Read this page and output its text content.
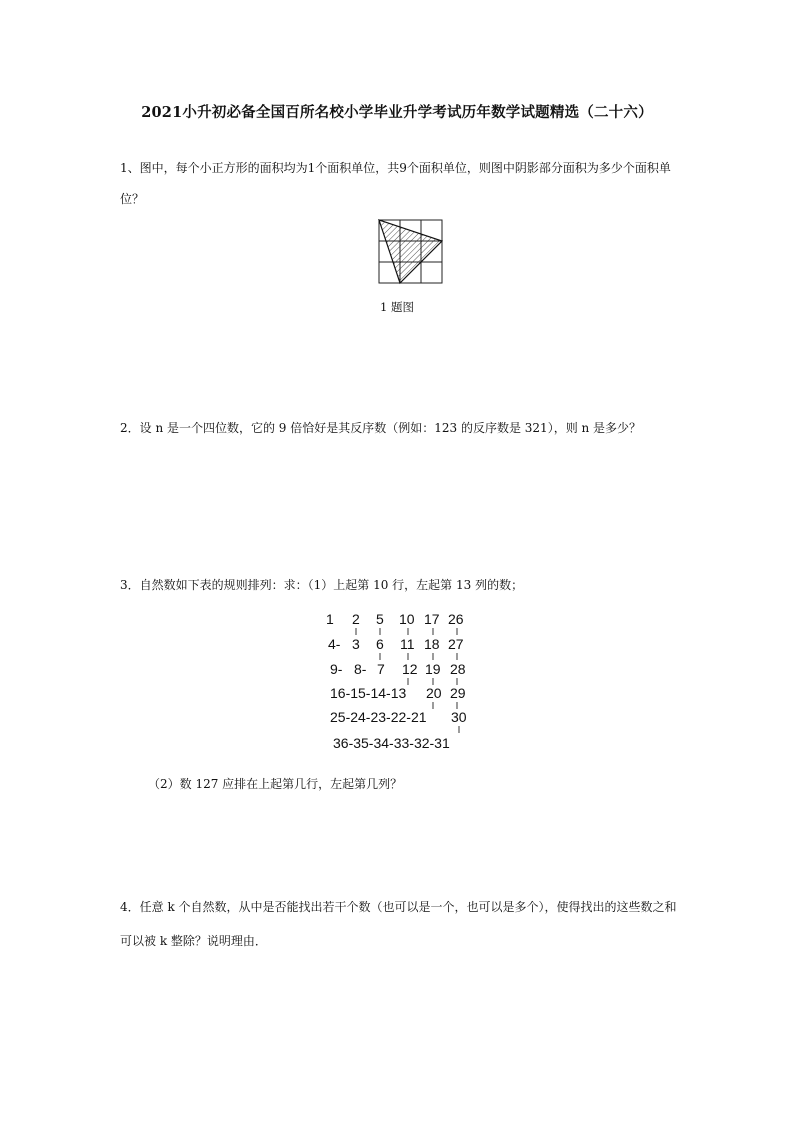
2021小升初必备全国百所名校小学毕业升学考试历年数学试题精选（二十六）
1、图中，每个小正方形的面积均为1个面积单位，共9个面积单位，则图中阴影部分面积为多少个面积单
位？
1 题图
2．设 n 是一个四位数，它的 9 倍恰好是其反序数（例如：123 的反序数是 321），则 n 是多少？
3．自然数如下表的规则排列：求：（1）上起第 10 行，左起第 13 列的数；
1 2 5 10 17 26
4- 3 6 11 18 27
9- 8- 7 12 19 28
16-15-14-13 20 29
25-24-23-22-21 30
36-35-34-33-32-31
（2）数 127 应排在上起第几行，左起第几列？
4．任意 k 个自然数，从中是否能找出若干个数（也可以是一个，也可以是多个），使得找出的这些数之和
可以被 k 整除？说明理由．
